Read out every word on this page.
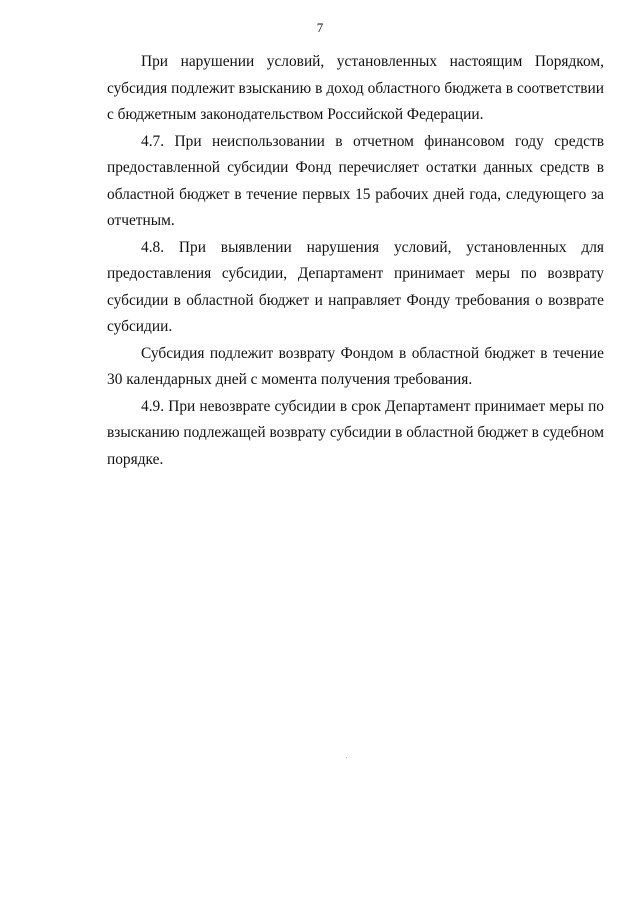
7

При нарушении условий, установленных настоящим Порядком, субсидия подлежит взысканию в доход областного бюджета в соответствии с бюджетным законодательством Российской Федерации.

4.7. При неиспользовании в отчетном финансовом году средств предоставленной субсидии Фонд перечисляет остатки данных средств в областной бюджет в течение первых 15 рабочих дней года, следующего за отчетным.

4.8. При выявлении нарушения условий, установленных для предоставления субсидии, Департамент принимает меры по возврату субсидии в областной бюджет и направляет Фонду требования о возврате субсидии.

Субсидия подлежит возврату Фондом в областной бюджет в течение 30 календарных дней с момента получения требования.

4.9. При невозврате субсидии в срок Департамент принимает меры по взысканию подлежащей возврату субсидии в областной бюджет в судебном порядке.
